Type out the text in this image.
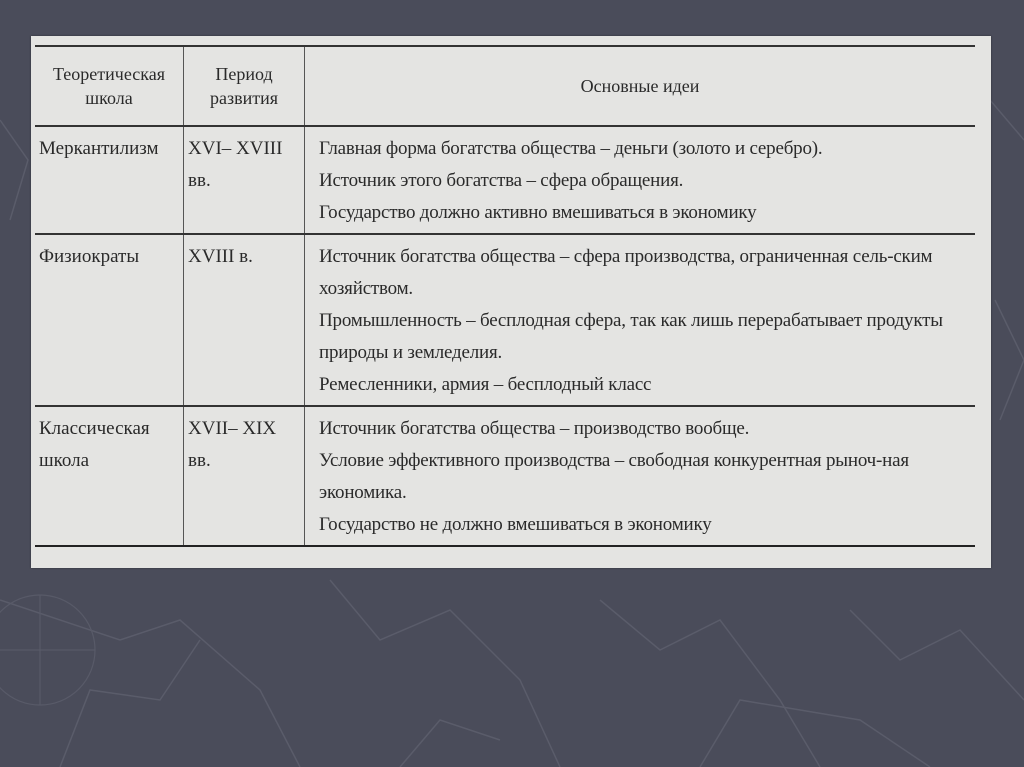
Теоретическая школа	Период развития	Основные идеи
Меркантилизм	XVI– XVIII вв.	Главная форма богатства общества – деньги (золото и серебро).
Источник этого богатства – сфера обращения.
Государство должно активно вмешиваться в экономику

Физиократы	XVIII в.	Источник богатства общества – сфера производства, ограниченная сель-ским хозяйством.
Промышленность – бесплодная сфера, так как лишь перерабатывает продукты природы и земледелия.
Ремесленники, армия – бесплодный класс

Классическая школа	XVII– XIX вв.	Источник богатства общества – производство вообще.
Условие эффективного производства – свободная конкурентная рыноч-ная экономика.
Государство не должно вмешиваться в экономику
